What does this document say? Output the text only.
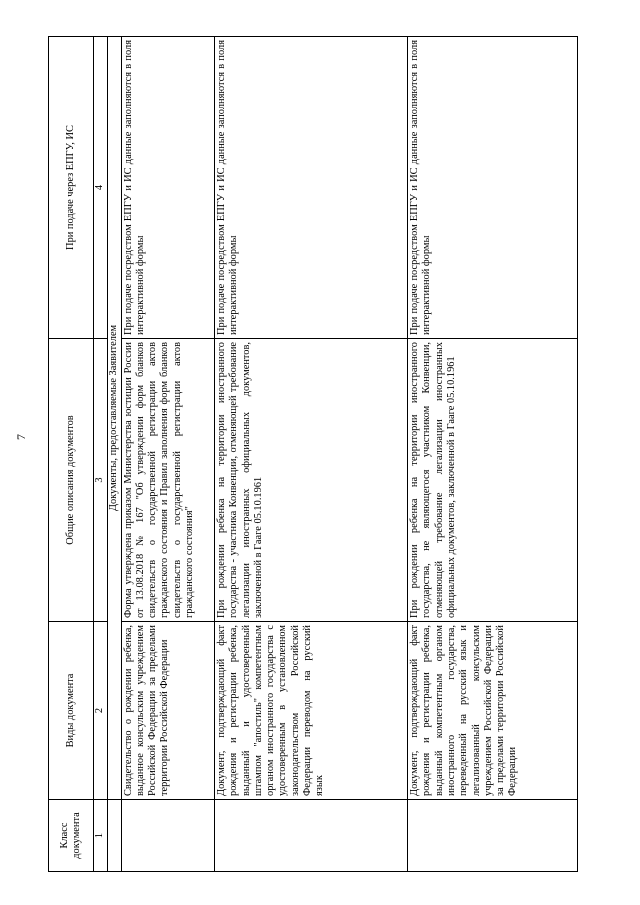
7
Класс документа	Виды документа	Общие описания документов	При подаче через ЕПГУ, ИС
1	2	3	4
	Документы, предоставляемые Заявителем		
	Свидетельство о рождении ребенка, выданное консульским учреждением Российской Федерации за пределами территории Российской Федерации	Форма утверждена приказом Министерства юстиции России от 13.08.2018 № 167 "Об утверждении форм бланков свидетельств о государственной регистрации актов гражданского состояния и Правил заполнения форм бланков свидетельств о государственной регистрации актов гражданского состояния"	При подаче посредством ЕПГУ и ИС данные заполняются в поля интерактивной формы
	Документ, подтверждающий факт рождения и регистрации ребенка, выданный и удостоверенный штампом "апостиль" компетентным органом иностранного государства с удостоверенным в установленном законодательством Российской Федерации переводом на русский язык	При рождении ребенка на территории иностранного государства - участника Конвенции, отменяющей требование легализации иностранных официальных документов, заключенной в Гааге 05.10.1961	При подаче посредством ЕПГУ и ИС данные заполняются в поля интерактивной формы
	Документ, подтверждающий факт рождения и регистрации ребенка, выданный компетентным органом иностранного государства, переведенный на русский язык и легализованный консульским учреждением Российской Федерации за пределами территории Российской Федерации	При рождении ребенка на территории иностранного государства, не являющегося участником Конвенции, отменяющей требование легализации иностранных официальных документов, заключенной в Гааге 05.10.1961	При подаче посредством ЕПГУ и ИС данные заполняются в поля интерактивной формы
